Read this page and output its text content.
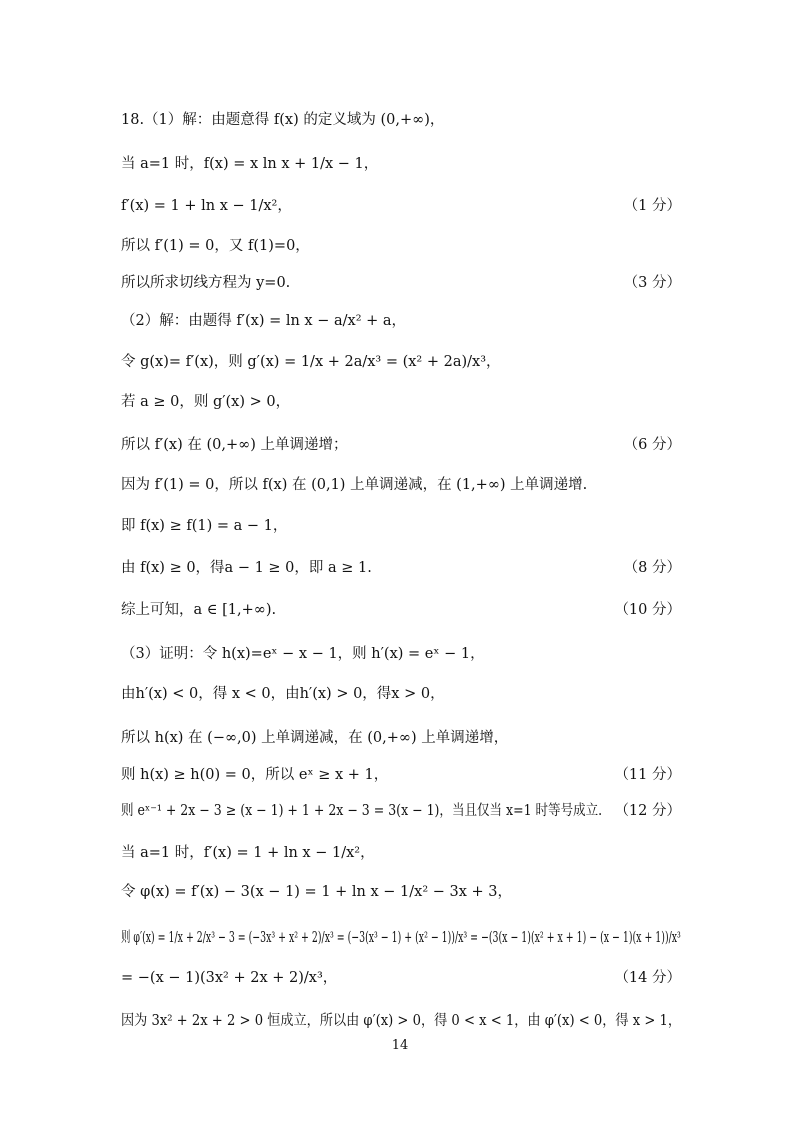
18.（1）解：由题意得 f(x) 的定义域为 (0,+∞)，
当 a=1 时，f(x) = x ln x + 1/x − 1，
f′(x) = 1 + ln x − 1/x²，	（1 分）
所以 f′(1) = 0，又 f(1)=0，
所以所求切线方程为 y=0.	（3 分）
（2）解：由题得 f′(x) = ln x − a/x² + a，
令 g(x)= f′(x)，则 g′(x) = 1/x + 2a/x³ = (x² + 2a)/x³，
若 a ≥ 0，则 g′(x) > 0，
所以 f′(x) 在 (0,+∞) 上单调递增；	（6 分）
因为 f′(1) = 0，所以 f(x) 在 (0,1) 上单调递减，在 (1,+∞) 上单调递增.
即 f(x) ≥ f(1) = a − 1，
由 f(x) ≥ 0，得a − 1 ≥ 0，即 a ≥ 1.	（8 分）
综上可知，a ∈ [1,+∞).	（10 分）
（3）证明：令 h(x)=eˣ − x − 1，则 h′(x) = eˣ − 1，
由h′(x) < 0，得 x < 0，由h′(x) > 0，得x > 0，
所以 h(x) 在 (−∞,0) 上单调递减，在 (0,+∞) 上单调递增，
则 h(x) ≥ h(0) = 0，所以 eˣ ≥ x + 1，	（11 分）
则 eˣ⁻¹ + 2x − 3 ≥ (x − 1) + 1 + 2x − 3 = 3(x − 1)，当且仅当 x=1 时等号成立. （12 分）
当 a=1 时，f′(x) = 1 + ln x − 1/x²，
令 φ(x) = f′(x) − 3(x − 1) = 1 + ln x − 1/x² − 3x + 3，
则 φ′(x) = 1/x + 2/x³ − 3 = (−3x³ + x² + 2)/x³ = (−3(x³ − 1) + (x² − 1))/x³ = −(3(x − 1)(x² + x + 1) − (x − 1)(x + 1))/x³
= −(x − 1)(3x² + 2x + 2)/x³，	（14 分）
因为 3x² + 2x + 2 > 0 恒成立，所以由 φ′(x) > 0，得 0 < x < 1，由 φ′(x) < 0，得 x > 1，
14
